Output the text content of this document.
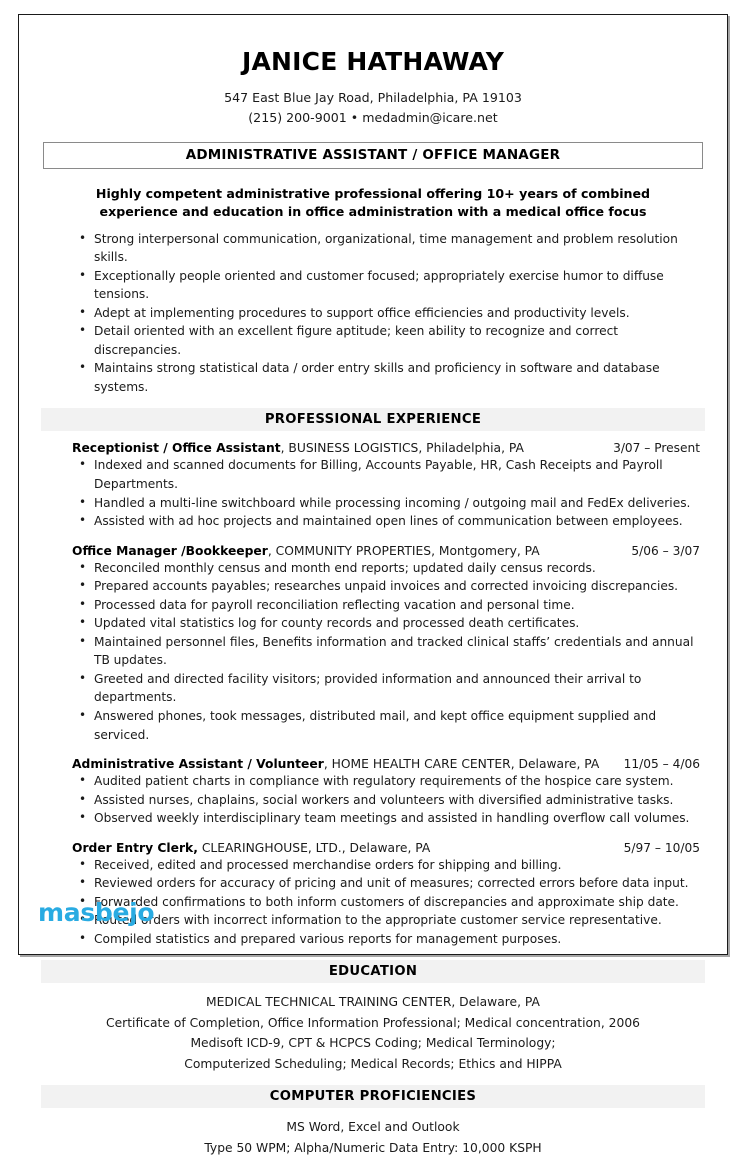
JANICE HATHAWAY
547 East Blue Jay Road, Philadelphia, PA 19103
(215) 200-9001 • medadmin@icare.net
ADMINISTRATIVE ASSISTANT / OFFICE MANAGER
Highly competent administrative professional offering 10+ years of combined experience and education in office administration with a medical office focus
• Strong interpersonal communication, organizational, time management and problem resolution skills.
• Exceptionally people oriented and customer focused; appropriately exercise humor to diffuse tensions.
• Adept at implementing procedures to support office efficiencies and productivity levels.
• Detail oriented with an excellent figure aptitude; keen ability to recognize and correct discrepancies.
• Maintains strong statistical data / order entry skills and proficiency in software and database systems.
PROFESSIONAL EXPERIENCE
Receptionist / Office Assistant, BUSINESS LOGISTICS, Philadelphia, PA	3/07 – Present
• Indexed and scanned documents for Billing, Accounts Payable, HR, Cash Receipts and Payroll Departments.
• Handled a multi-line switchboard while processing incoming / outgoing mail and FedEx deliveries.
• Assisted with ad hoc projects and maintained open lines of communication between employees.
Office Manager /Bookkeeper, COMMUNITY PROPERTIES, Montgomery, PA	5/06 – 3/07
• Reconciled monthly census and month end reports; updated daily census records.
• Prepared accounts payables; researches unpaid invoices and corrected invoicing discrepancies.
• Processed data for payroll reconciliation reflecting vacation and personal time.
• Updated vital statistics log for county records and processed death certificates.
• Maintained personnel files, Benefits information and tracked clinical staffs’ credentials and annual TB updates.
• Greeted and directed facility visitors; provided information and announced their arrival to departments.
• Answered phones, took messages, distributed mail, and kept office equipment supplied and serviced.
Administrative Assistant / Volunteer, HOME HEALTH CARE CENTER, Delaware, PA	11/05 – 4/06
• Audited patient charts in compliance with regulatory requirements of the hospice care system.
• Assisted nurses, chaplains, social workers and volunteers with diversified administrative tasks.
• Observed weekly interdisciplinary team meetings and assisted in handling overflow call volumes.
Order Entry Clerk, CLEARINGHOUSE, LTD., Delaware, PA	5/97 – 10/05
• Received, edited and processed merchandise orders for shipping and billing.
• Reviewed orders for accuracy of pricing and unit of measures; corrected errors before data input.
• Forwarded confirmations to both inform customers of discrepancies and approximate ship date.
• Routed orders with incorrect information to the appropriate customer service representative.
• Compiled statistics and prepared various reports for management purposes.
EDUCATION
MEDICAL TECHNICAL TRAINING CENTER, Delaware, PA
Certificate of Completion, Office Information Professional; Medical concentration, 2006
Medisoft ICD-9, CPT & HCPCS Coding; Medical Terminology;
Computerized Scheduling; Medical Records; Ethics and HIPPA
COMPUTER PROFICIENCIES
MS Word, Excel and Outlook
Type 50 WPM; Alpha/Numeric Data Entry: 10,000 KSPH
masbejo
